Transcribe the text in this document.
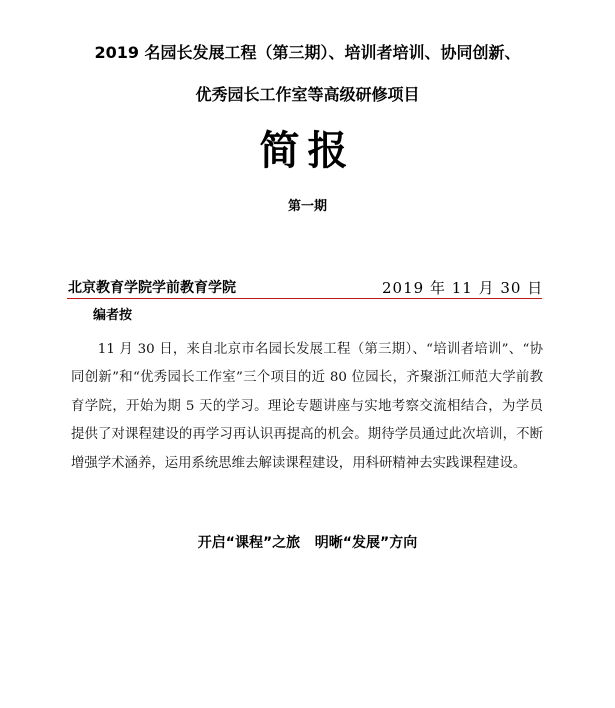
2019 名园长发展工程（第三期）、培训者培训、协同创新、
优秀园长工作室等高级研修项目
简报
第一期
北京教育学院学前教育学院	2019 年 11 月 30 日
编者按
11 月 30 日，来自北京市名园长发展工程（第三期）、“培训者培训”、“协同创新”和“优秀园长工作室”三个项目的近 80 位园长，齐聚浙江师范大学前教育学院，开始为期 5 天的学习。理论专题讲座与实地考察交流相结合，为学员提供了对课程建设的再学习再认识再提高的机会。期待学员通过此次培训，不断增强学术涵养，运用系统思维去解读课程建设，用科研精神去实践课程建设。
开启“课程”之旅   明晰“发展”方向
